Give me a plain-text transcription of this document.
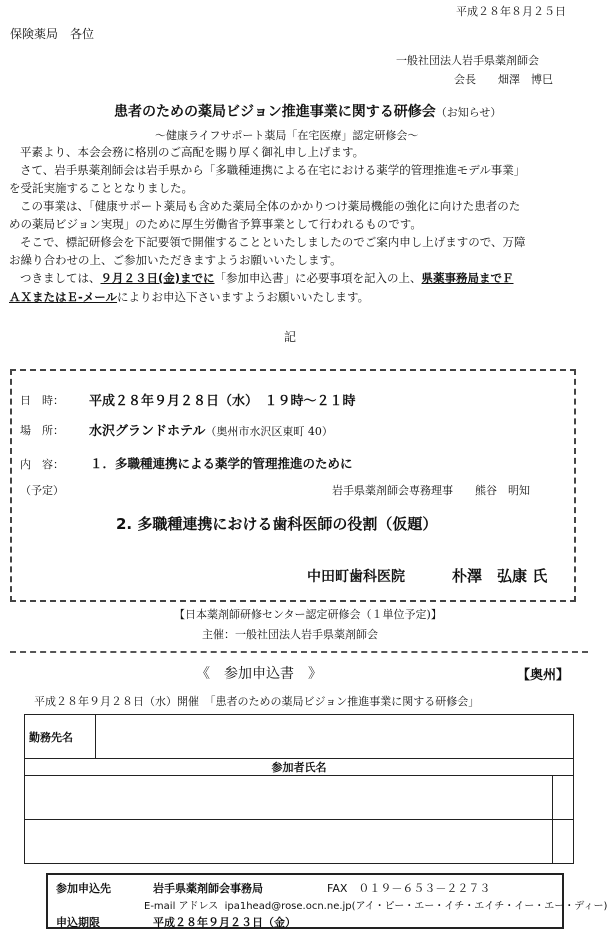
平成２８年８月２５日
保険薬局　各位
一般社団法人岩手県薬剤師会
会長　　畑澤　博巳
患者のための薬局ビジョン推進事業に関する研修会（お知らせ）
～健康ライフサポート薬局「在宅医療」認定研修会～
平素より、本会会務に格別のご高配を賜り厚く御礼申し上げます。
さて、岩手県薬剤師会は岩手県から「多職種連携による在宅における薬学的管理推進モデル事業」
を受託実施することとなりました。
この事業は、「健康サポート薬局も含めた薬局全体のかかりつけ薬局機能の強化に向けた患者のた
めの薬局ビジョン実現」のために厚生労働省予算事業として行われるものです。
そこで、標記研修会を下記要領で開催することといたしましたのでご案内申し上げますので、万障
お繰り合わせの上、ご参加いただきますようお願いいたします。
つきましては、９月２３日(金)までに「参加申込書」に必要事項を記入の上、県薬事務局までＦ
ＡＸまたはＥ-メールによりお申込下さいますようお願いいたします。
記
日　時： 平成２８年９月２８日（水）　１９時～２１時
場　所： 水沢グランドホテル（奥州市水沢区東町 40）
内　容： １．多職種連携による薬学的管理推進のために
（予定）	岩手県薬剤師会専務理事　　熊谷　明知
2. 多職種連携における歯科医師の役割（仮題）
中田町歯科医院	朴澤　弘康 氏
【日本薬剤師研修センター認定研修会（１単位予定)】
主催：一般社団法人岩手県薬剤師会
《　参加申込書　》	【奥州】
平成２８年９月２８日（水）開催　「患者のための薬局ビジョン推進事業に関する研修会」
勤務先名		
参加者氏名		

参加申込先	岩手県薬剤師会事務局	FAX　０１９－６５３－２２７３
E-mail アドレス ipa1head@rose.ocn.ne.jp(アイ・ピー・エー・イチ・エイチ・イー・エー・ディー)
申込期限	平成２８年９月２３日（金）
